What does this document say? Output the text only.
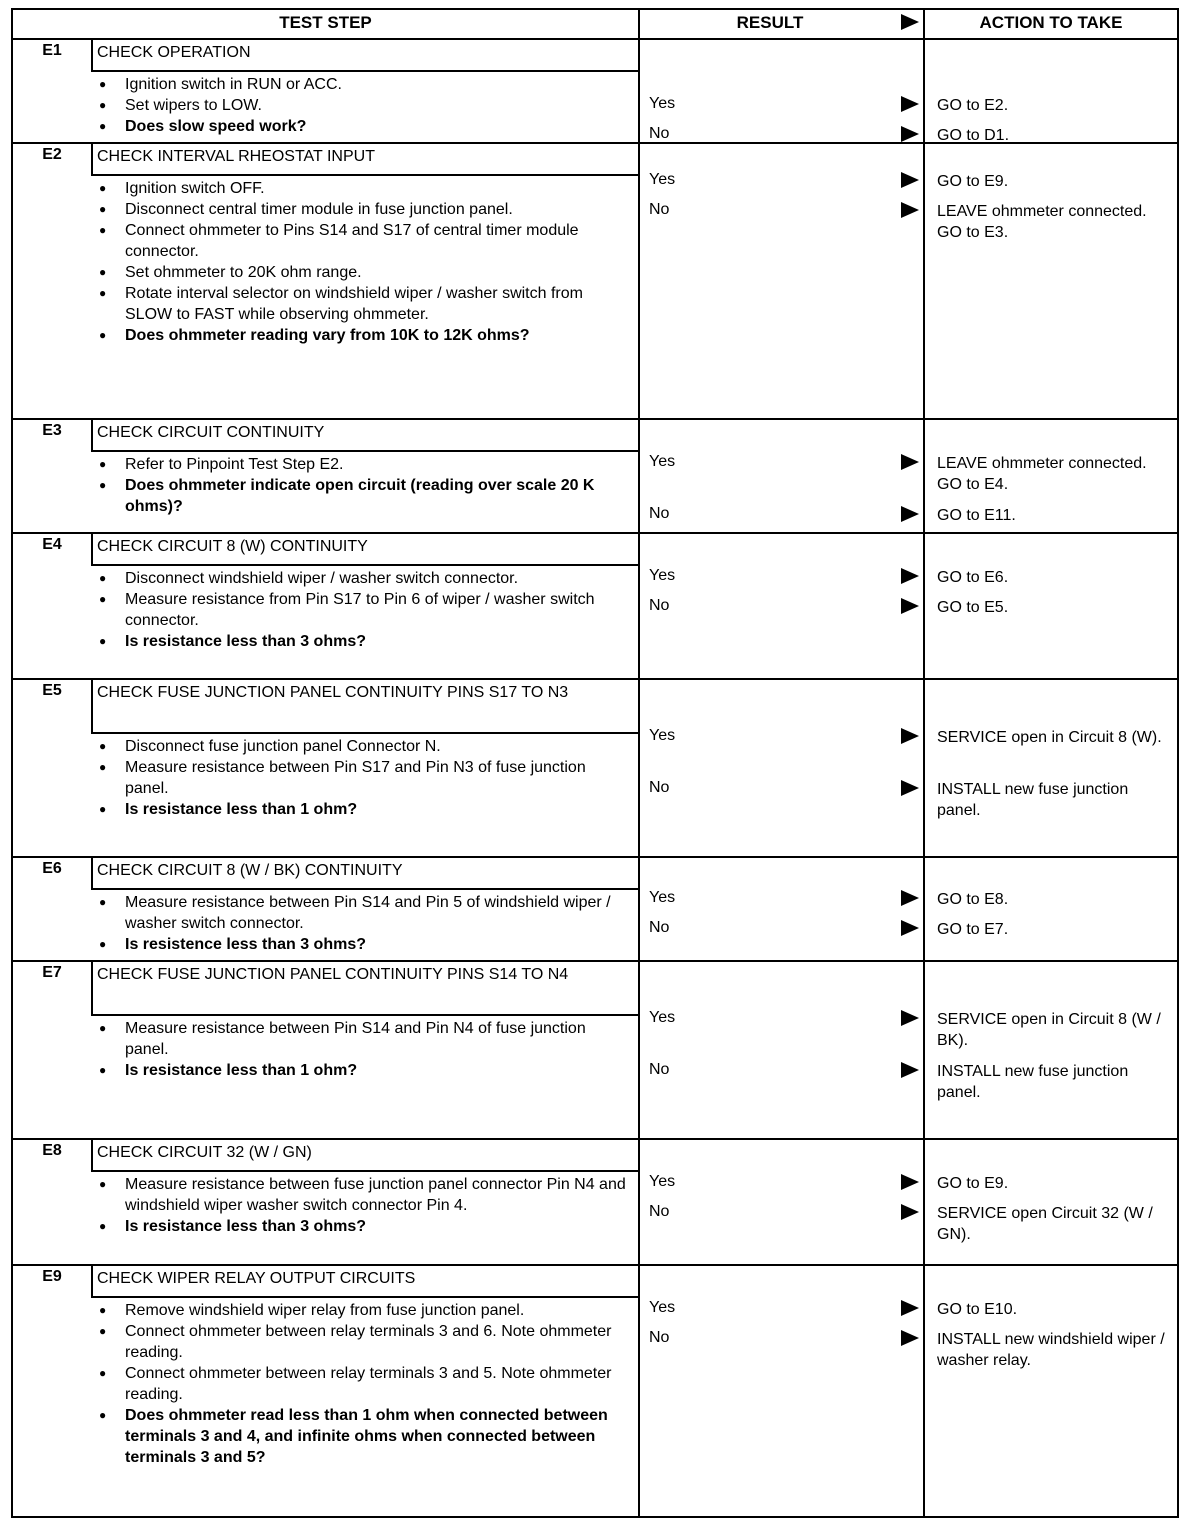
TEST STEP	RESULT	ACTION TO TAKE
E1	CHECK OPERATION
● Ignition switch in RUN or ACC.
● Set wipers to LOW.
● Does slow speed work?
Yes	GO to E2.
No	GO to D1.
E2	CHECK INTERVAL RHEOSTAT INPUT
● Ignition switch OFF.
● Disconnect central timer module in fuse junction panel.
● Connect ohmmeter to Pins S14 and S17 of central timer module connector.
● Set ohmmeter to 20K ohm range.
● Rotate interval selector on windshield wiper / washer switch from SLOW to FAST while observing ohmmeter.
● Does ohmmeter reading vary from 10K to 12K ohms?
Yes	GO to E9.
No	LEAVE ohmmeter connected. GO to E3.
E3	CHECK CIRCUIT CONTINUITY
● Refer to Pinpoint Test Step E2.
● Does ohmmeter indicate open circuit (reading over scale 20 K ohms)?
Yes	LEAVE ohmmeter connected. GO to E4.
No	GO to E11.
E4	CHECK CIRCUIT 8 (W) CONTINUITY
● Disconnect windshield wiper / washer switch connector.
● Measure resistance from Pin S17 to Pin 6 of wiper / washer switch connector.
● Is resistance less than 3 ohms?
Yes	GO to E6.
No	GO to E5.
E5	CHECK FUSE JUNCTION PANEL CONTINUITY PINS S17 TO N3
● Disconnect fuse junction panel Connector N.
● Measure resistance between Pin S17 and Pin N3 of fuse junction panel.
● Is resistance less than 1 ohm?
Yes	SERVICE open in Circuit 8 (W).
No	INSTALL new fuse junction panel.
E6	CHECK CIRCUIT 8 (W / BK) CONTINUITY
● Measure resistance between Pin S14 and Pin 5 of windshield wiper / washer switch connector.
● Is resistence less than 3 ohms?
Yes	GO to E8.
No	GO to E7.
E7	CHECK FUSE JUNCTION PANEL CONTINUITY PINS S14 TO N4
● Measure resistance between Pin S14 and Pin N4 of fuse junction panel.
● Is resistance less than 1 ohm?
Yes	SERVICE open in Circuit 8 (W / BK).
No	INSTALL new fuse junction panel.
E8	CHECK CIRCUIT 32 (W / GN)
● Measure resistance between fuse junction panel connector Pin N4 and windshield wiper washer switch connector Pin 4.
● Is resistance less than 3 ohms?
Yes	GO to E9.
No	SERVICE open Circuit 32 (W / GN).
E9	CHECK WIPER RELAY OUTPUT CIRCUITS
● Remove windshield wiper relay from fuse junction panel.
● Connect ohmmeter between relay terminals 3 and 6. Note ohmmeter reading.
● Connect ohmmeter between relay terminals 3 and 5. Note ohmmeter reading.
● Does ohmmeter read less than 1 ohm when connected between terminals 3 and 4, and infinite ohms when connected between terminals 3 and 5?
Yes	GO to E10.
No	INSTALL new windshield wiper / washer relay.
